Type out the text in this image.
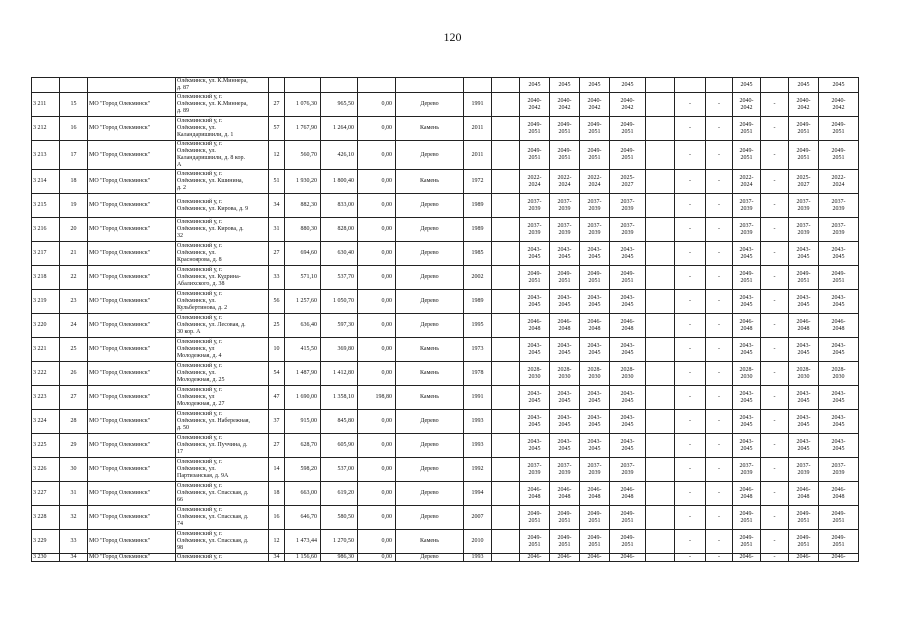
120
			Олёкминск, ул. К.Миннера,
д. 87								2045	2045	2045	2045				2045		2045	2045
3 211	15	МО "Город Олекминск"	Олекминский у, г.
Олёкминск, ул. К.Миннера,
д. 89	27	1 076,30	965,50	0,00	Дерево	1991		2040-
2042	2040-
2042	2040-
2042	2040-
2042		-	-	2040-
2042	-	2040-
2042	2040-
2042
3 212	16	МО "Город Олекминск"	Олекминский у, г.
Олёкминск, ул.
Каландаришвили, д. 1	57	1 767,90	1 264,00	0,00	Камень	2011		2049-
2051	2049-
2051	2049-
2051	2049-
2051		-	-	2049-
2051	-	2049-
2051	2049-
2051
3 213	17	МО "Город Олекминск"	Олекминский у, г.
Олёкминск, ул.
Каландаришвили, д. 8 кор.
А	12	560,70	426,10	0,00	Дерево	2011		2049-
2051	2049-
2051	2049-
2051	2049-
2051		-	-	2049-
2051	-	2049-
2051	2049-
2051
3 214	18	МО "Город Олекминск"	Олекминский у, г.
Олёкминск, ул. Кшинина,
д. 2	51	1 930,20	1 800,40	0,00	Камень	1972		2022-
2024	2022-
2024	2022-
2024	2025-
2027		-	-	2022-
2024	-	2025-
2027	2022-
2024
3 215	19	МО "Город Олекминск"	Олекминский у, г.
Олёкминск, ул. Кирова, д. 9	34	882,30	833,00	0,00	Дерево	1989		2037-
2039	2037-
2039	2037-
2039	2037-
2039		-	-	2037-
2039	-	2037-
2039	2037-
2039
3 216	20	МО "Город Олекминск"	Олекминский у, г.
Олёкминск, ул. Кирова, д.
32	31	880,30	828,00	0,00	Дерево	1989		2037-
2039	2037-
2039	2037-
2039	2037-
2039		-	-	2037-
2039	-	2037-
2039	2037-
2039
3 217	21	МО "Город Олекминск"	Олекминский у, г.
Олёкминск, ул.
Красноярова, д. 8	27	694,60	630,40	0,00	Дерево	1985		2043-
2045	2043-
2045	2043-
2045	2043-
2045		-	-	2043-
2045	-	2043-
2045	2043-
2045
3 218	22	МО "Город Олекминск"	Олекминский у, г.
Олёкминск, ул. Кудрина-
Абалихского, д. 38	33	571,10	537,70	0,00	Дерево	2002		2049-
2051	2049-
2051	2049-
2051	2049-
2051		-	-	2049-
2051	-	2049-
2051	2049-
2051
3 219	23	МО "Город Олекминск"	Олекминский у, г.
Олёкминск, ул.
Кульбертинова, д. 2	56	1 257,60	1 050,70	0,00	Дерево	1989		2043-
2045	2043-
2045	2043-
2045	2043-
2045		-	-	2043-
2045	-	2043-
2045	2043-
2045
3 220	24	МО "Город Олекминск"	Олекминский у, г.
Олёкминск, ул. Лесовая, д.
30 кор. А	25	636,40	597,30	0,00	Дерево	1995		2046-
2048	2046-
2048	2046-
2048	2046-
2048		-	-	2046-
2048	-	2046-
2048	2046-
2048
3 221	25	МО "Город Олекминск"	Олекминский у, г.
Олёкминск, ул
Молодежная, д. 4	10	415,50	369,80	0,00	Камень	1973		2043-
2045	2043-
2045	2043-
2045	2043-
2045		-	-	2043-
2045	-	2043-
2045	2043-
2045
3 222	26	МО "Город Олекминск"	Олекминский у, г.
Олёкминск, ул.
Молодежная, д. 25	54	1 487,90	1 412,80	0,00	Камень	1978		2028-
2030	2028-
2030	2028-
2030	2028-
2030		-	-	2028-
2030	-	2028-
2030	2028-
2030
3 223	27	МО "Город Олекминск"	Олекминский у, г.
Олёкминск, ул
Молодежная, д. 27	47	1 690,00	1 358,10	198,80	Камень	1991		2043-
2045	2043-
2045	2043-
2045	2043-
2045		-	-	2043-
2045	-	2043-
2045	2043-
2045
3 224	28	МО "Город Олекминск"	Олекминский у, г.
Олёкминск, ул. Набережная,
д. 50	37	915,00	845,80	0,00	Дерево	1993		2043-
2045	2043-
2045	2043-
2045	2043-
2045		-	-	2043-
2045	-	2043-
2045	2043-
2045
3 225	29	МО "Город Олекминск"	Олекминский у, г.
Олёкминск, ул. Пуччина, д.
17	27	628,70	605,90	0,00	Дерево	1993		2043-
2045	2043-
2045	2043-
2045	2043-
2045		-	-	2043-
2045	-	2043-
2045	2043-
2045
3 226	30	МО "Город Олекминск"	Олекминский у, г.
Олёкминск, ул.
Партизанская, д. 9А	14	598,20	537,00	0,00	Дерево	1992		2037-
2039	2037-
2039	2037-
2039	2037-
2039		-	-	2037-
2039	-	2037-
2039	2037-
2039
3 227	31	МО "Город Олекминск"	Олекминский у, г.
Олёкминск, ул. Спасская, д.
66	18	663,00	619,20	0,00	Дерево	1994		2046-
2048	2046-
2048	2046-
2048	2046-
2048		-	-	2046-
2048	-	2046-
2048	2046-
2048
3 228	32	МО "Город Олекминск"	Олекминский у, г.
Олёкминск, ул. Спасская, д.
74	16	646,70	580,50	0,00	Дерево	2007		2049-
2051	2049-
2051	2049-
2051	2049-
2051		-	-	2049-
2051	-	2049-
2051	2049-
2051
3 229	33	МО "Город Олекминск"	Олекминский у, г.
Олёкминск, ул. Спасская, д.
98	12	1 473,44	1 270,50	0,00	Камень	2010		2049-
2051	2049-
2051	2049-
2051	2049-
2051		-	-	2049-
2051	-	2049-
2051	2049-
2051
3 230	34	МО "Город Олекминск"	Олекминский у, г.	34	1 156,60	986,30	0,00	Дерево	1993		2046-	2046-	2046-	2046-		-	-	2046-	-	2046-	2046-
